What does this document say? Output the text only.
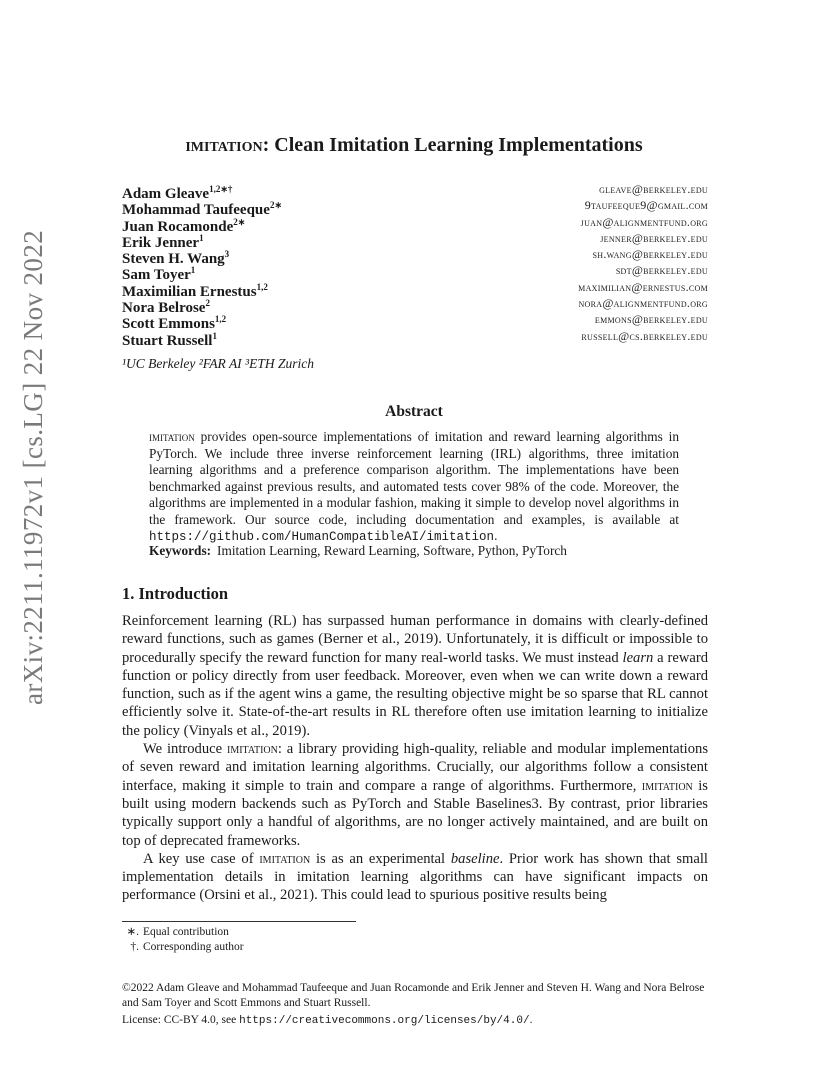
arXiv:2211.11972v1 [cs.LG] 22 Nov 2022
imitation: Clean Imitation Learning Implementations
Adam Gleave$^{1,2∗\dagger}$	gleave@berkeley.edu
Mohammad Taufeeque$^{2∗}$	9taufeeque9@gmail.com
Juan Rocamonde$^{2∗}$	juan@alignmentfund.org
Erik Jenner$^1$	jenner@berkeley.edu
Steven H. Wang$^3$	sh.wang@berkeley.edu
Sam Toyer$^1$	sdt@berkeley.edu
Maximilian Ernestus$^{1,2}$	maximilian@ernestus.com
Nora Belrose$^2$	nora@alignmentfund.org
Scott Emmons$^{1,2}$	emmons@berkeley.edu
Stuart Russell$^1$	russell@cs.berkeley.edu
¹UC Berkeley ²FAR AI ³ETH Zurich
Abstract
imitation provides open-source implementations of imitation and reward learning algorithms in PyTorch. We include three inverse reinforcement learning (IRL) algorithms, three imitation learning algorithms and a preference comparison algorithm. The implementations have been benchmarked against previous results, and automated tests cover 98% of the code. Moreover, the algorithms are implemented in a modular fashion, making it simple to develop novel algorithms in the framework. Our source code, including documentation and examples, is available at https://github.com/HumanCompatibleAI/imitation.
Keywords: Imitation Learning, Reward Learning, Software, Python, PyTorch
1. Introduction

Reinforcement learning (RL) has surpassed human performance in domains with clearly-defined reward functions, such as games (Berner et al., 2019). Unfortunately, it is difficult or impossible to procedurally specify the reward function for many real-world tasks. We must instead learn a reward function or policy directly from user feedback. Moreover, even when we can write down a reward function, such as if the agent wins a game, the resulting objective might be so sparse that RL cannot efficiently solve it. State-of-the-art results in RL therefore often use imitation learning to initialize the policy (Vinyals et al., 2019).

We introduce imitation: a library providing high-quality, reliable and modular implementations of seven reward and imitation learning algorithms. Crucially, our algorithms follow a consistent interface, making it simple to train and compare a range of algorithms. Furthermore, imitation is built using modern backends such as PyTorch and Stable Baselines3. By contrast, prior libraries typically support only a handful of algorithms, are no longer actively maintained, and are built on top of deprecated frameworks.

A key use case of imitation is as an experimental baseline. Prior work has shown that small implementation details in imitation learning algorithms can have significant impacts on performance (Orsini et al., 2021). This could lead to spurious positive results being

∗. Equal contribution
†. Corresponding author
©2022 Adam Gleave and Mohammad Taufeeque and Juan Rocamonde and Erik Jenner and Steven H. Wang and Nora Belrose and Sam Toyer and Scott Emmons and Stuart Russell.
License: CC-BY 4.0, see https://creativecommons.org/licenses/by/4.0/.
